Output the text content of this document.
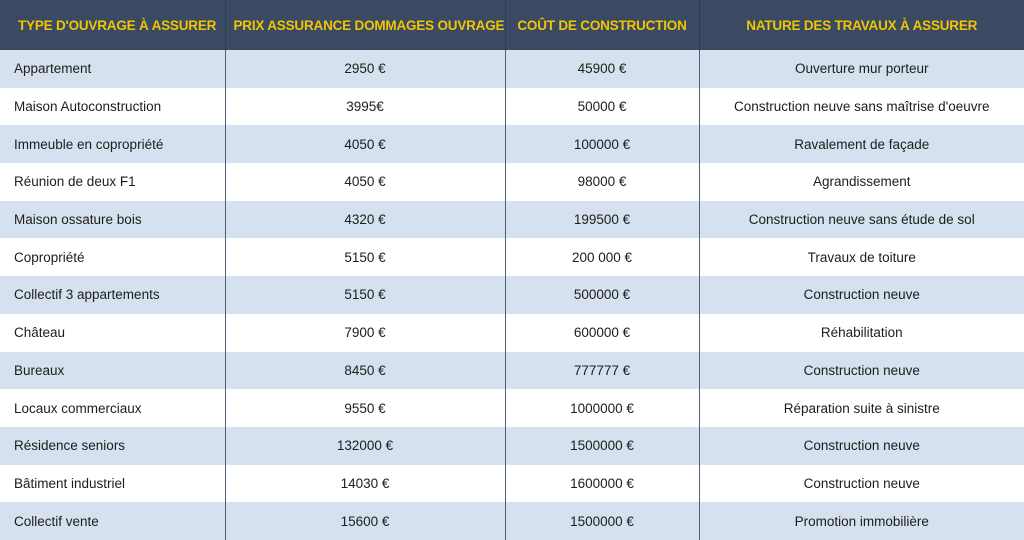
TYPE D'OUVRAGE À ASSURER	PRIX ASSURANCE DOMMAGES OUVRAGE	COÛT DE CONSTRUCTION	NATURE DES TRAVAUX À ASSURER
Appartement	2950 €	45900 €	Ouverture mur porteur
Maison Autoconstruction	3995€	50000 €	Construction neuve sans maîtrise d'oeuvre
Immeuble en copropriété	4050 €	100000 €	Ravalement de façade
Réunion de deux F1	4050 €	98000 €	Agrandissement
Maison ossature bois	4320 €	199500 €	Construction neuve sans étude de sol
Copropriété	5150 €	200 000 €	Travaux de toiture
Collectif 3 appartements	5150 €	500000 €	Construction neuve
Château	7900 €	600000 €	Réhabilitation
Bureaux	8450 €	777777 €	Construction neuve
Locaux commerciaux	9550 €	1000000 €	Réparation suite à sinistre
Résidence seniors	132000 €	1500000 €	Construction neuve
Bâtiment industriel	14030 €	1600000 €	Construction neuve
Collectif vente	15600 €	1500000 €	Promotion immobilière
